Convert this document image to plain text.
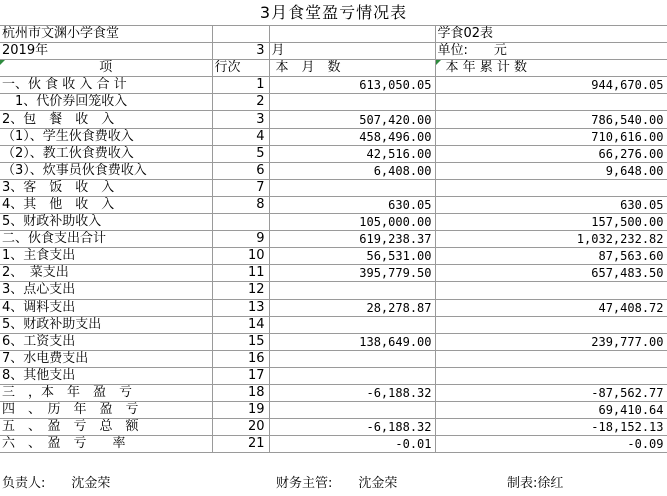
3月食堂盈亏情况表
杭州市文渊小学食堂			学食02表
2019年	3	月	单位: 元
项	行次	本　月　数	本 年 累 计 数
一、伙 食 收 入 合 计	1	613,050.05	944,670.05
　1、代价券回笼收入	2		
2、包　餐　收　入	3	507,420.00	786,540.00
（1）、学生伙食费收入	4	458,496.00	710,616.00
（2）、教工伙食费收入	5	42,516.00	66,276.00
（3）、炊事员伙食费收入	6	6,408.00	9,648.00
3、客　饭　收　入	7		
4、其　他　收　入	8	630.05	630.05
5、财政补助收入		105,000.00	157,500.00
二、伙食支出合计	9	619,238.37	1,032,232.82
1、主食支出	10	56,531.00	87,563.60
2、　菜支出	11	395,779.50	657,483.50
3、点心支出	12		
4、调料支出	13	28,278.87	47,408.72
5、财政补助支出	14		
6、工资支出	15	138,649.00	239,777.00
7、水电费支出	16		
8、其他支出	17		
三　，本　年　盈　亏	18	-6,188.32	-87,562.77
四　、　历　年　盈　亏	19		69,410.64
五　、　盈　亏　总　额	20	-6,188.32	-18,152.13
六　、　盈　亏　　率	21	-0.01	-0.09
负责人:　　沈金荣	财务主管:　　沈金荣	制表:徐红
